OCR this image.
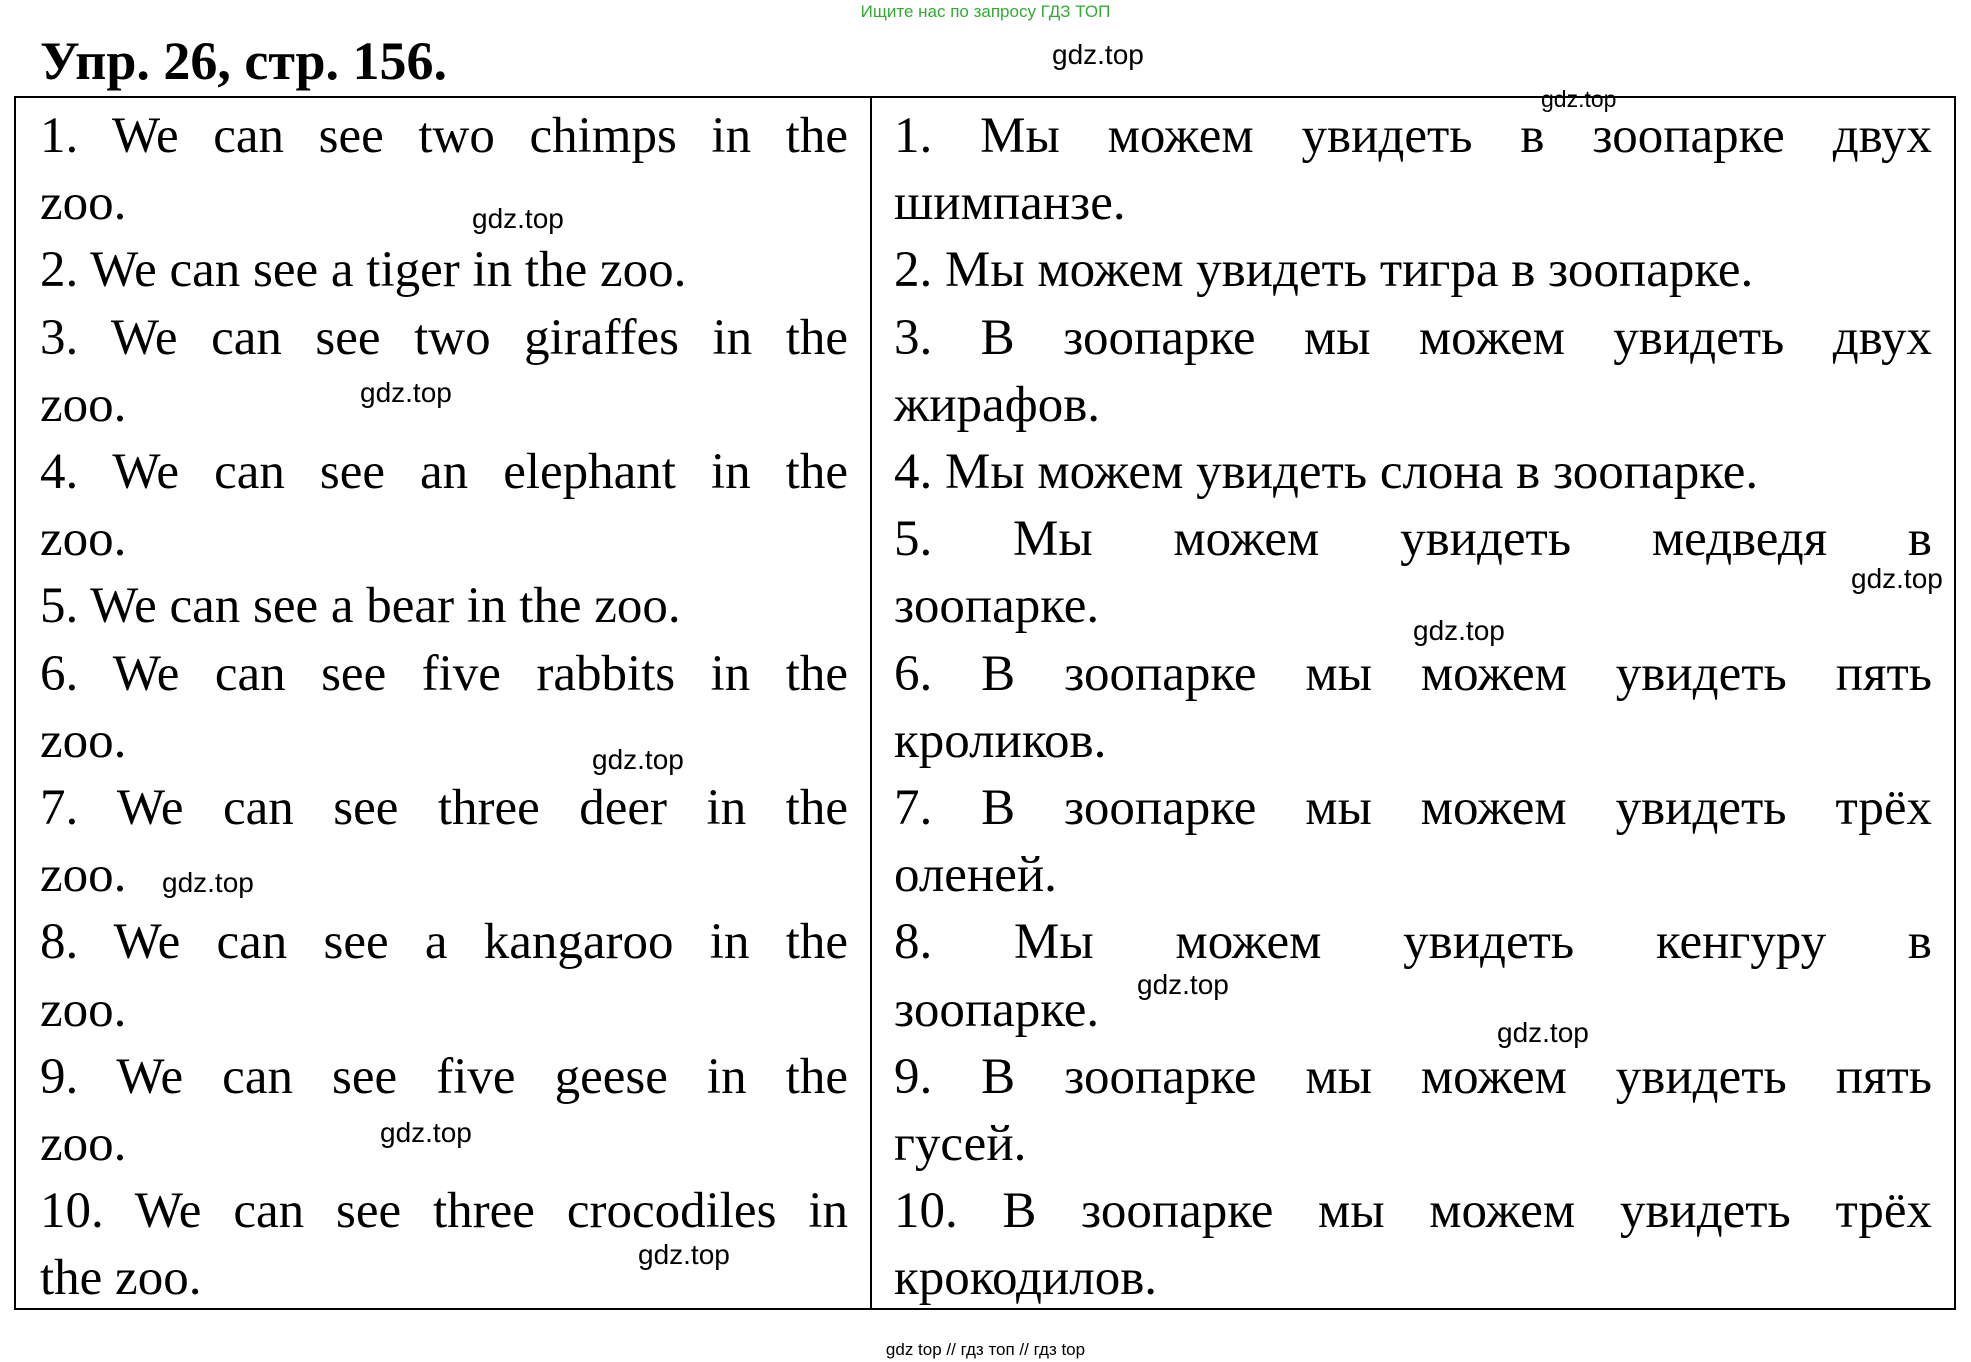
Ищите нас по запросу ГДЗ ТОП
Упр. 26, стр. 156.
1. We can see two chimps in the
zoo.
2. We can see a tiger in the zoo.
3. We can see two giraffes in the
zoo.
4. We can see an elephant in the
zoo.
5. We can see a bear in the zoo.
6. We can see five rabbits in the
zoo.
7. We can see three deer in the
zoo.
8. We can see a kangaroo in the
zoo.
9. We can see five geese in the
zoo.
10. We can see three crocodiles in
the zoo.
1. Мы можем увидеть в зоопарке двух
шимпанзе.
2. Мы можем увидеть тигра в зоопарке.
3. В зоопарке мы можем увидеть двух
жирафов.
4. Мы можем увидеть слона в зоопарке.
5. Мы можем увидеть медведя в
зоопарке.
6. В зоопарке мы можем увидеть пять
кроликов.
7. В зоопарке мы можем увидеть трёх
оленей.
8. Мы можем увидеть кенгуру в
зоопарке.
9. В зоопарке мы можем увидеть пять
гусей.
10. В зоопарке мы можем увидеть трёх
крокодилов.
gdz.top
gdz.top
gdz.top
gdz.top
gdz.top
gdz.top
gdz.top
gdz.top
gdz.top
gdz.top
gdz.top
gdz.top
gdz top // гдз топ // гдз top
